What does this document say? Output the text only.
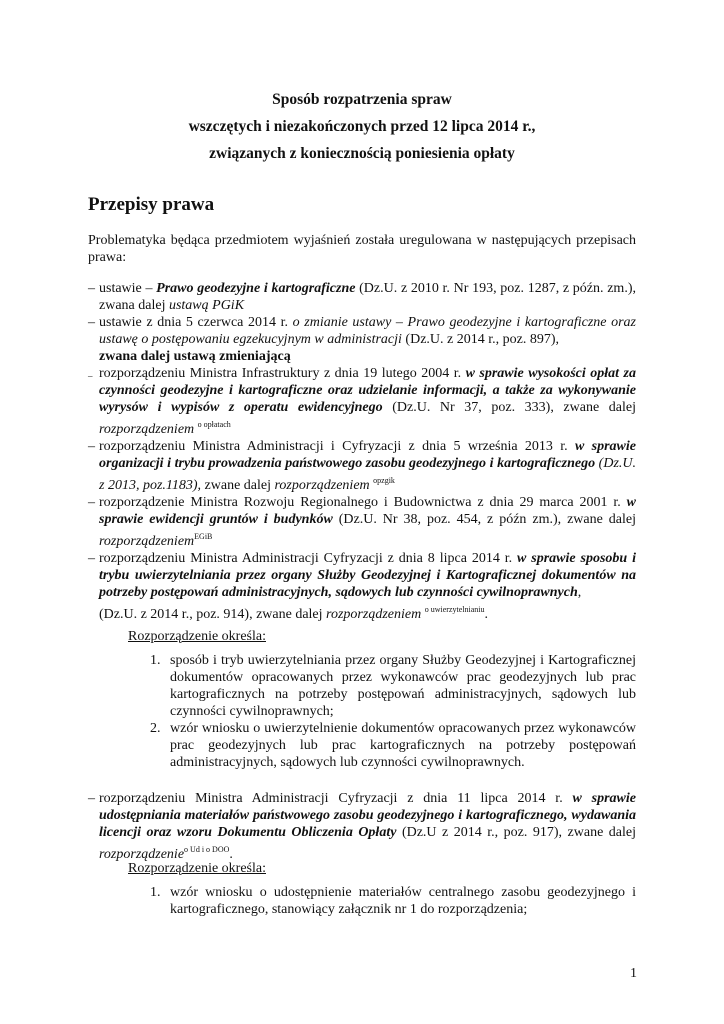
Sposób rozpatrzenia spraw
wszczętych i niezakończonych przed 12 lipca 2014 r.,
związanych z koniecznością poniesienia opłaty
Przepisy prawa
Problematyka będąca przedmiotem wyjaśnień została uregulowana w następujących przepisach prawa:
– ustawie – Prawo geodezyjne i kartograficzne (Dz.U. z 2010 r. Nr 193, poz. 1287, z późn. zm.), zwana dalej ustawą PGiK
– ustawie z dnia 5 czerwca 2014 r. o zmianie ustawy – Prawo geodezyjne i kartograficzne oraz ustawę o postępowaniu egzekucyjnym w administracji (Dz.U. z 2014 r., poz. 897),
zwana dalej ustawą zmieniającą
– rozporządzeniu Ministra Infrastruktury z dnia 19 lutego 2004 r. w sprawie wysokości opłat za czynności geodezyjne i kartograficzne oraz udzielanie informacji, a także za wykonywanie wyrysów i wypisów z operatu ewidencyjnego (Dz.U. Nr 37, poz. 333), zwane dalej rozporządzeniem $^{o opłatach}$
– rozporządzeniu Ministra Administracji i Cyfryzacji z dnia 5 września 2013 r. w sprawie organizacji i trybu prowadzenia państwowego zasobu geodezyjnego i kartograficznego (Dz.U. z 2013, poz.1183), zwane dalej rozporządzeniem $^{opzgik}$
– rozporządzenie Ministra Rozwoju Regionalnego i Budownictwa z dnia 29 marca 2001 r. w sprawie ewidencji gruntów i budynków (Dz.U. Nr 38, poz. 454, z późn zm.), zwane dalej rozporządzeniem$^{EGiB}$
– rozporządzeniu Ministra Administracji Cyfryzacji z dnia 8 lipca 2014 r. w sprawie sposobu i trybu uwierzytelniania przez organy Służby Geodezyjnej i Kartograficznej dokumentów na potrzeby postępowań administracyjnych, sądowych lub czynności cywilnoprawnych,
(Dz.U. z 2014 r., poz. 914), zwane dalej rozporządzeniem $^{o uwierzytelnianiu}$.
Rozporządzenie określa:
1. sposób i tryb uwierzytelniania przez organy Służby Geodezyjnej i Kartograficznej dokumentów opracowanych przez wykonawców prac geodezyjnych lub prac kartograficznych na potrzeby postępowań administracyjnych, sądowych lub czynności cywilnoprawnych;
2. wzór wniosku o uwierzytelnienie dokumentów opracowanych przez wykonawców prac geodezyjnych lub prac kartograficznych na potrzeby postępowań administracyjnych, sądowych lub czynności cywilnoprawnych.
– rozporządzeniu Ministra Administracji Cyfryzacji z dnia 11 lipca 2014 r. w sprawie udostępniania materiałów państwowego zasobu geodezyjnego i kartograficznego, wydawania licencji oraz wzoru Dokumentu Obliczenia Opłaty (Dz.U z 2014 r., poz. 917), zwane dalej rozporządzenie$^{o Ud i o DOO}$.
Rozporządzenie określa:
1. wzór wniosku o udostępnienie materiałów centralnego zasobu geodezyjnego i kartograficznego, stanowiący załącznik nr 1 do rozporządzenia;
1
